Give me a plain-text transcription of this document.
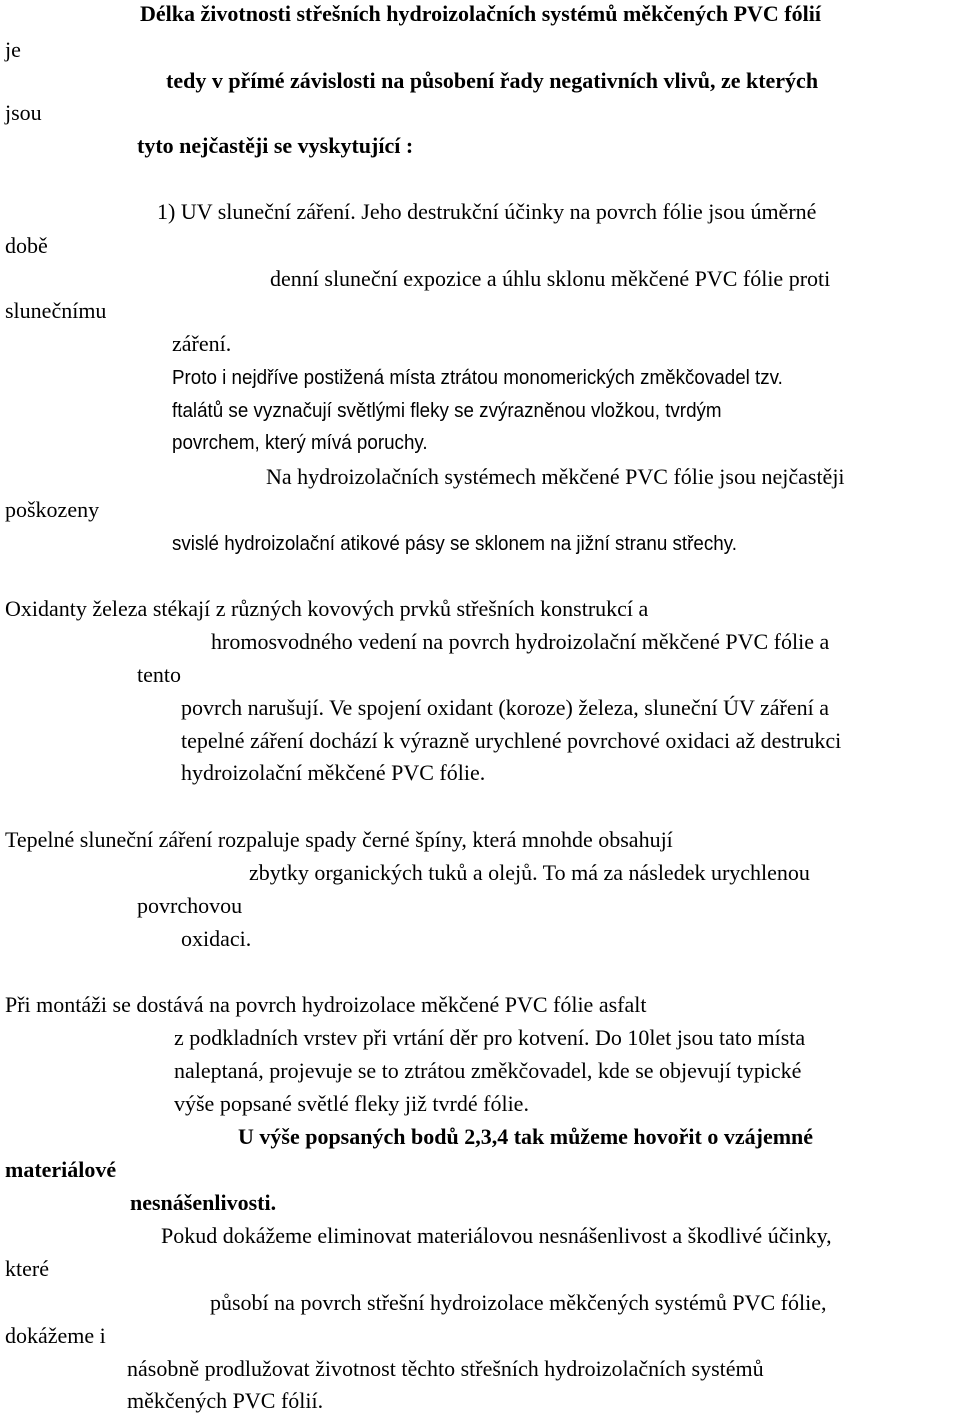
Délka životnosti střešních hydroizolačních systémů měkčených PVC fólií
je
tedy v přímé závislosti na působení řady negativních vlivů, ze kterých
jsou
tyto nejčastěji se vyskytující :
1) UV sluneční záření. Jeho destrukční účinky na povrch fólie jsou úměrné
době
denní sluneční expozice a úhlu sklonu měkčené PVC fólie proti
slunečnímu
záření.
Proto i nejdříve postižená místa ztrátou monomerických změkčovadel tzv.
ftalátů se vyznačují světlými fleky se zvýrazněnou vložkou, tvrdým
povrchem, který mívá poruchy.
Na hydroizolačních systémech měkčené PVC fólie jsou nejčastěji
poškozeny
svislé hydroizolační atikové pásy se sklonem na jižní stranu střechy.
Oxidanty železa stékají z různých kovových prvků střešních konstrukcí a
hromosvodného vedení na povrch hydroizolační měkčené PVC fólie a
tento
povrch narušují. Ve spojení oxidant (koroze) železa, sluneční ÚV záření a
tepelné záření dochází k výrazně urychlené povrchové oxidaci až destrukci
hydroizolační měkčené PVC fólie.
Tepelné sluneční záření rozpaluje spady černé špíny, která mnohde obsahují
zbytky organických tuků a olejů. To má za následek urychlenou
povrchovou
oxidaci.
Při montáži se dostává na povrch hydroizolace měkčené PVC fólie asfalt
z podkladních vrstev při vrtání děr pro kotvení. Do 10let jsou tato místa
naleptaná, projevuje se to ztrátou změkčovadel, kde se objevují typické
výše popsané světlé fleky již tvrdé fólie.
U výše popsaných bodů 2,3,4 tak můžeme hovořit o vzájemné
materiálové
nesnášenlivosti.
Pokud dokážeme eliminovat materiálovou nesnášenlivost a škodlivé účinky,
které
působí na povrch střešní hydroizolace měkčených systémů PVC fólie,
dokážeme i
násobně prodlužovat životnost těchto střešních hydroizolačních systémů
měkčených PVC fólií.
